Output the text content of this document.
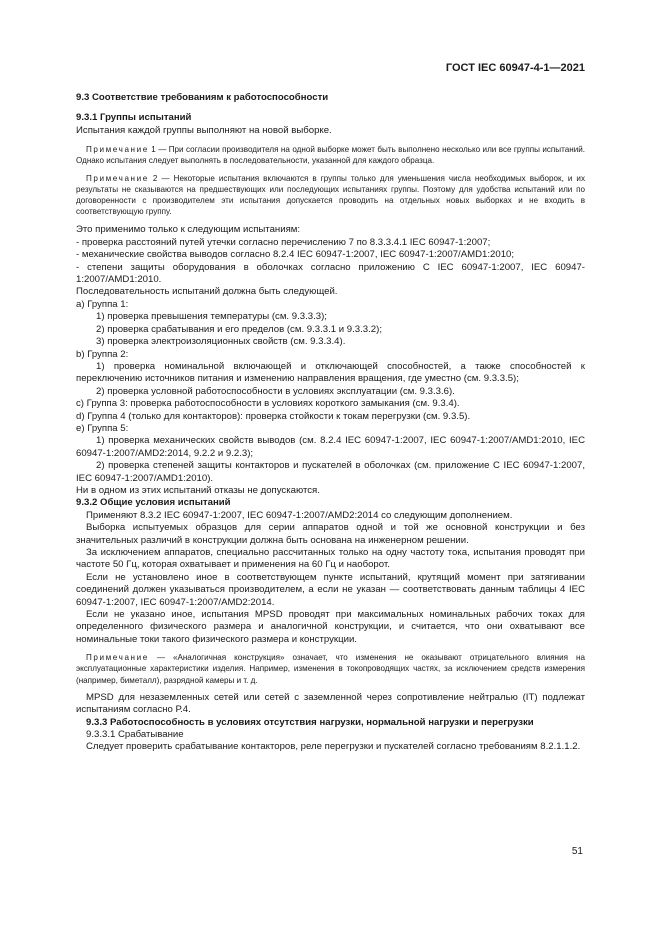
ГОСТ IEC 60947-4-1—2021

9.3 Соответствие требованиям к работоспособности

9.3.1 Группы испытаний

Испытания каждой группы выполняют на новой выборке.

Примечание 1 — При согласии производителя на одной выборке может быть выполнено несколько или все группы испытаний. Однако испытания следует выполнять в последовательности, указанной для каждого образца.

Примечание 2 — Некоторые испытания включаются в группы только для уменьшения числа необходимых выборок, и их результаты не сказываются на предшествующих или последующих испытаниях группы. Поэтому для удобства испытаний или по договоренности с производителем эти испытания допускается проводить на отдельных новых выборках и не входить в соответствующую группу.

Это применимо только к следующим испытаниям:

- проверка расстояний путей утечки согласно перечислению 7 по 8.3.3.4.1 IEC 60947-1:2007;

- механические свойства выводов согласно 8.2.4 IEC 60947-1:2007, IEC 60947-1:2007/AMD1:2010;

- степени защиты оборудования в оболочках согласно приложению С IEC 60947-1:2007, IEC 60947-1:2007/AMD1:2010.

Последовательность испытаний должна быть следующей.

a) Группа 1:

1) проверка превышения температуры (см. 9.3.3.3);

2) проверка срабатывания и его пределов (см. 9.3.3.1 и 9.3.3.2);

3) проверка электроизоляционных свойств (см. 9.3.3.4).

b) Группа 2:

1) проверка номинальной включающей и отключающей способностей, а также способностей к переключению источников питания и изменению направления вращения, где уместно (см. 9.3.3.5);

2) проверка условной работоспособности в условиях эксплуатации (см. 9.3.3.6).

c) Группа 3: проверка работоспособности в условиях короткого замыкания (см. 9.3.4).

d) Группа 4 (только для контакторов): проверка стойкости к токам перегрузки (см. 9.3.5).

e) Группа 5:

1) проверка механических свойств выводов (см. 8.2.4 IEC 60947-1:2007, IEC 60947-1:2007/AMD1:2010, IEC 60947-1:2007/AMD2:2014, 9.2.2 и 9.2.3);

2) проверка степеней защиты контакторов и пускателей в оболочках (см. приложение С IEC 60947-1:2007, IEC 60947-1:2007/AMD1:2010).

Ни в одном из этих испытаний отказы не допускаются.

9.3.2 Общие условия испытаний

Применяют 8.3.2 IEC 60947-1:2007, IEC 60947-1:2007/AMD2:2014 со следующим дополнением.

Выборка испытуемых образцов для серии аппаратов одной и той же основной конструкции и без значительных различий в конструкции должна быть основана на инженерном решении.

За исключением аппаратов, специально рассчитанных только на одну частоту тока, испытания проводят при частоте 50 Гц, которая охватывает и применения на 60 Гц и наоборот.

Если не установлено иное в соответствующем пункте испытаний, крутящий момент при затягивании соединений должен указываться производителем, а если не указан — соответствовать данным таблицы 4 IEC 60947-1:2007, IEC 60947-1:2007/AMD2:2014.

Если не указано иное, испытания MPSD проводят при максимальных номинальных рабочих токах для определенного физического размера и аналогичной конструкции, и считается, что они охватывают все номинальные токи такого физического размера и конструкции.

Примечание — «Аналогичная конструкция» означает, что изменения не оказывают отрицательного влияния на эксплуатационные характеристики изделия. Например, изменения в токопроводящих частях, за исключением средств измерения (например, биметалл), разрядной камеры и т. д.

MPSD для незаземленных сетей или сетей с заземленной через сопротивление нейтралью (IT) подлежат испытаниям согласно Р.4.

9.3.3 Работоспособность в условиях отсутствия нагрузки, нормальной нагрузки и перегрузки

9.3.3.1 Срабатывание

Следует проверить срабатывание контакторов, реле перегрузки и пускателей согласно требованиям 8.2.1.1.2.

51
